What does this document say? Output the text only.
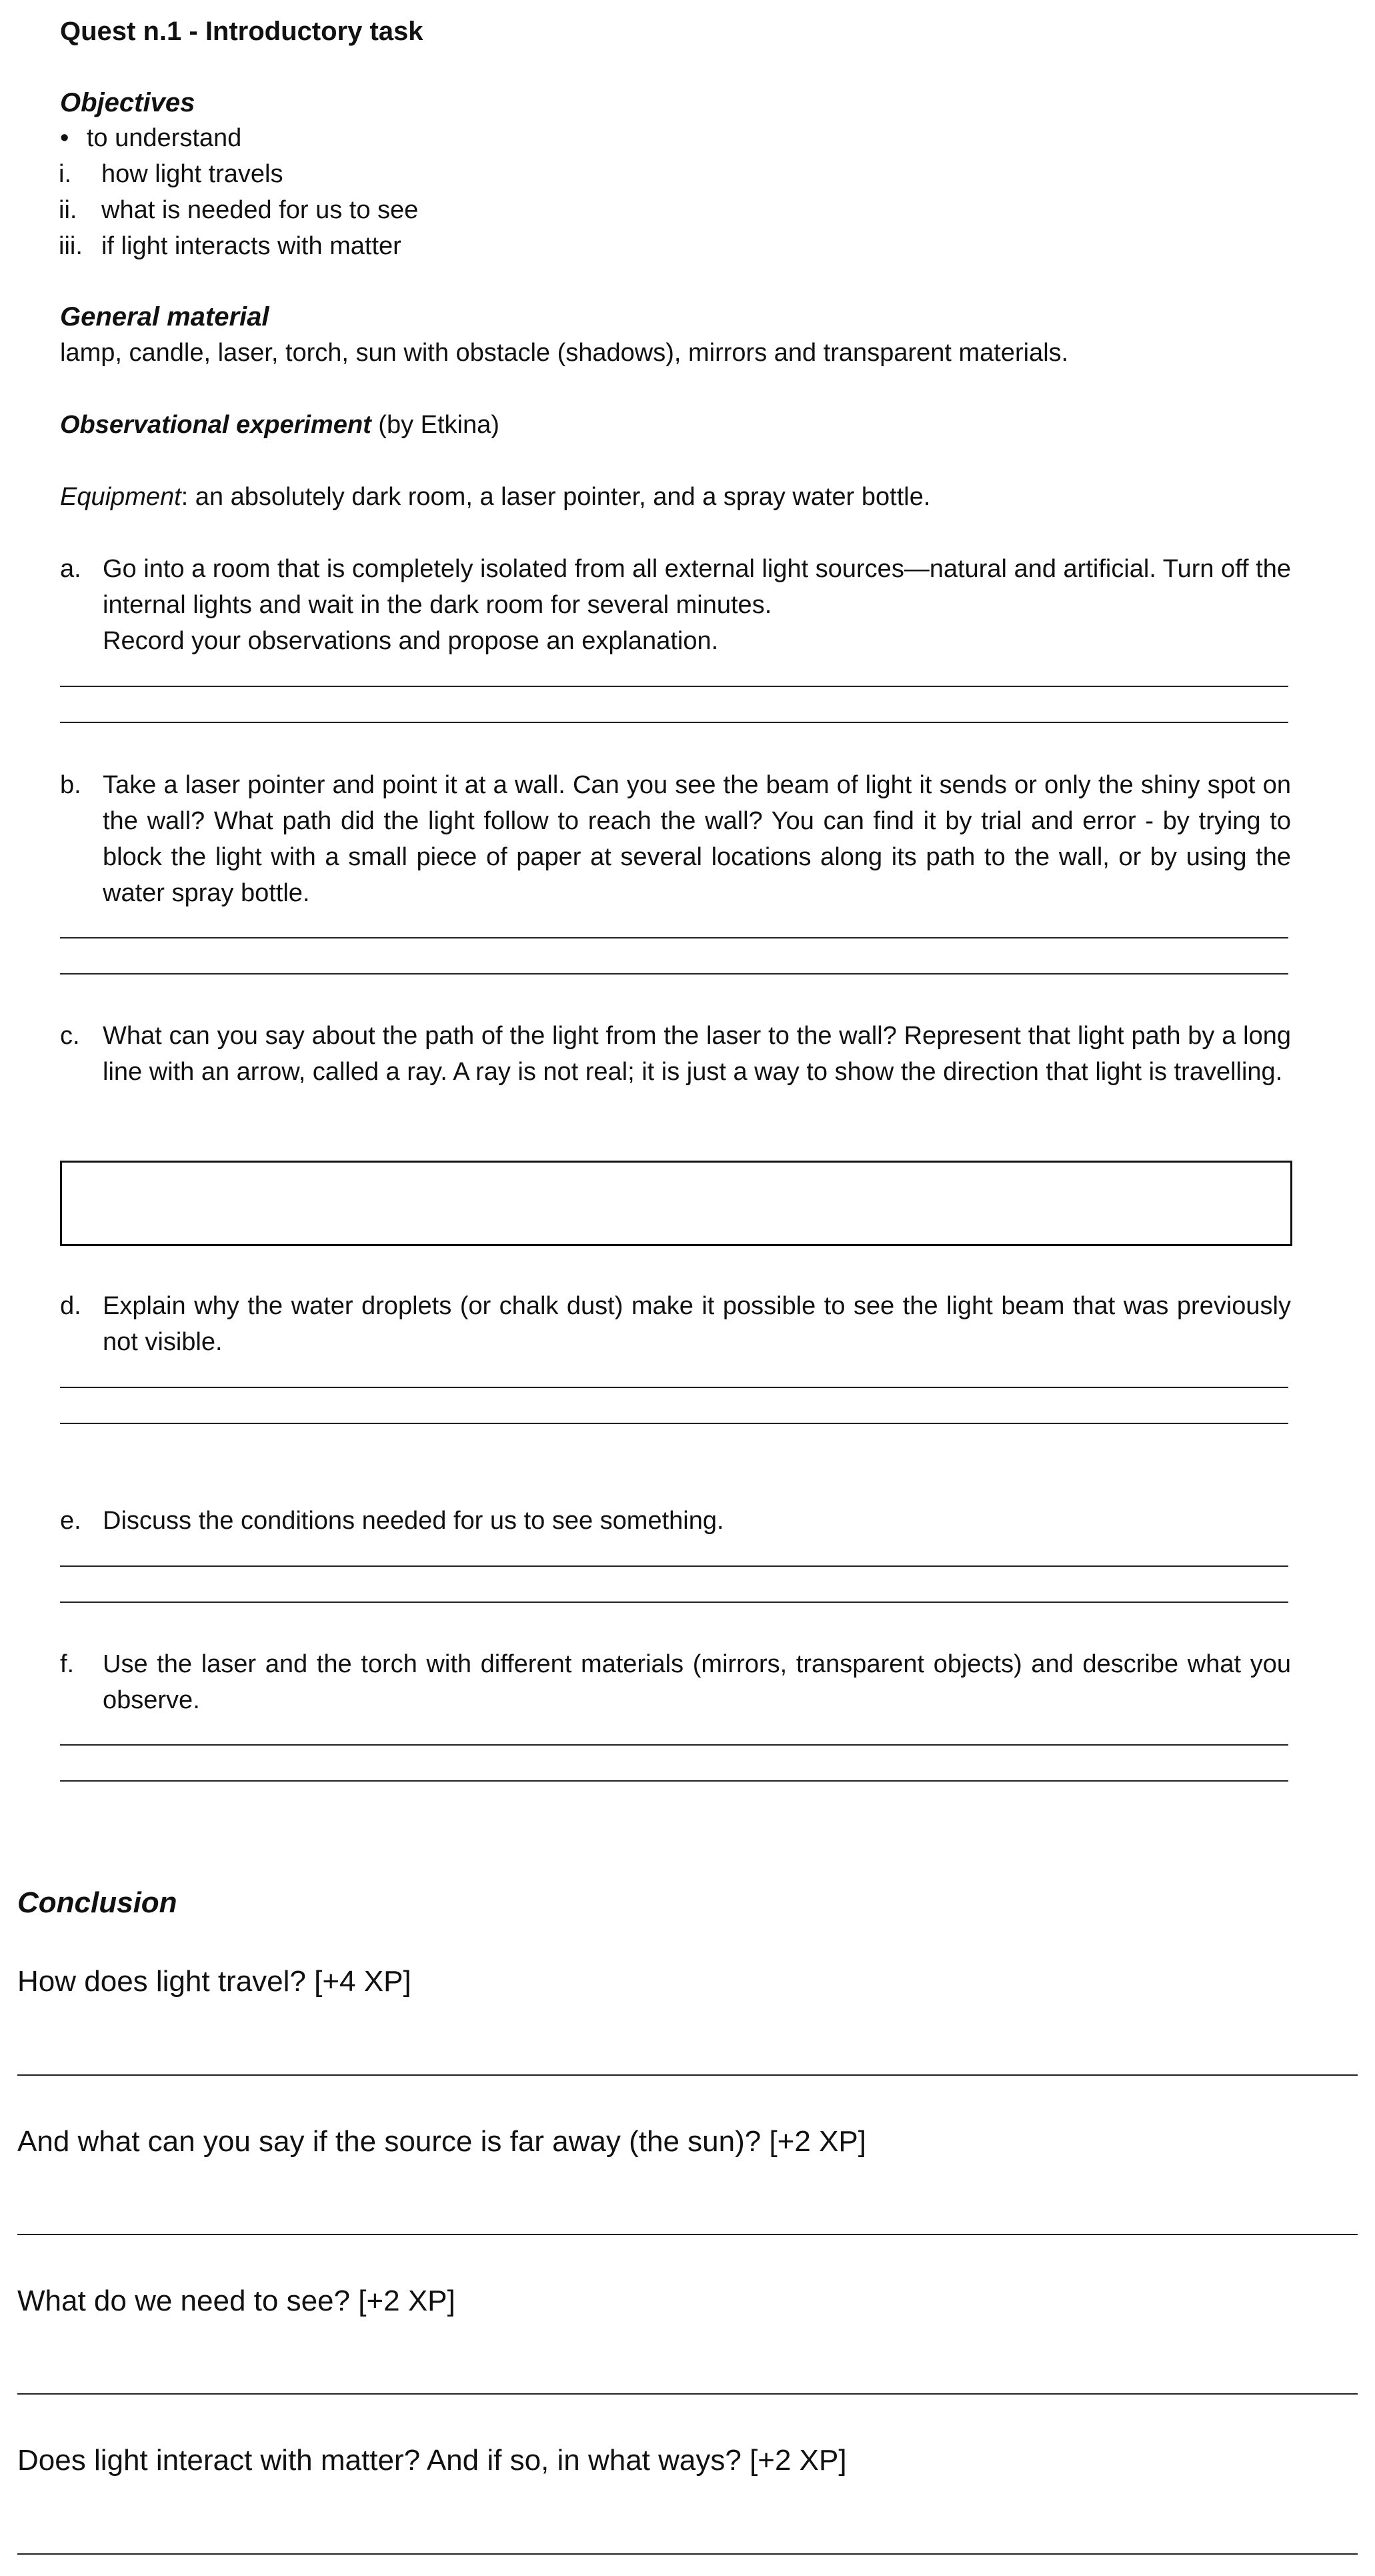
Quest n.1 - Introductory task
Objectives
• to understand
i. how light travels
ii. what is needed for us to see
iii. if light interacts with matter
General material
lamp, candle, laser, torch, sun with obstacle (shadows), mirrors and transparent materials.
Observational experiment (by Etkina)
Equipment: an absolutely dark room, a laser pointer, and a spray water bottle.
a. Go into a room that is completely isolated from all external light sources—natural and artificial. Turn off the internal lights and wait in the dark room for several minutes.
Record your observations and propose an explanation.
b. Take a laser pointer and point it at a wall. Can you see the beam of light it sends or only the shiny spot on the wall? What path did the light follow to reach the wall? You can find it by trial and error - by trying to block the light with a small piece of paper at several locations along its path to the wall, or by using the water spray bottle.
c. What can you say about the path of the light from the laser to the wall? Represent that light path by a long line with an arrow, called a ray. A ray is not real; it is just a way to show the direction that light is travelling.
d. Explain why the water droplets (or chalk dust) make it possible to see the light beam that was previously not visible.
e. Discuss the conditions needed for us to see something.
f.	Use the laser and the torch with different materials (mirrors, transparent objects) and describe what you observe.
Conclusion
How does light travel? [+4 XP]
And what can you say if the source is far away (the sun)? [+2 XP]
What do we need to see? [+2 XP]
Does light interact with matter? And if so, in what ways? [+2 XP]
